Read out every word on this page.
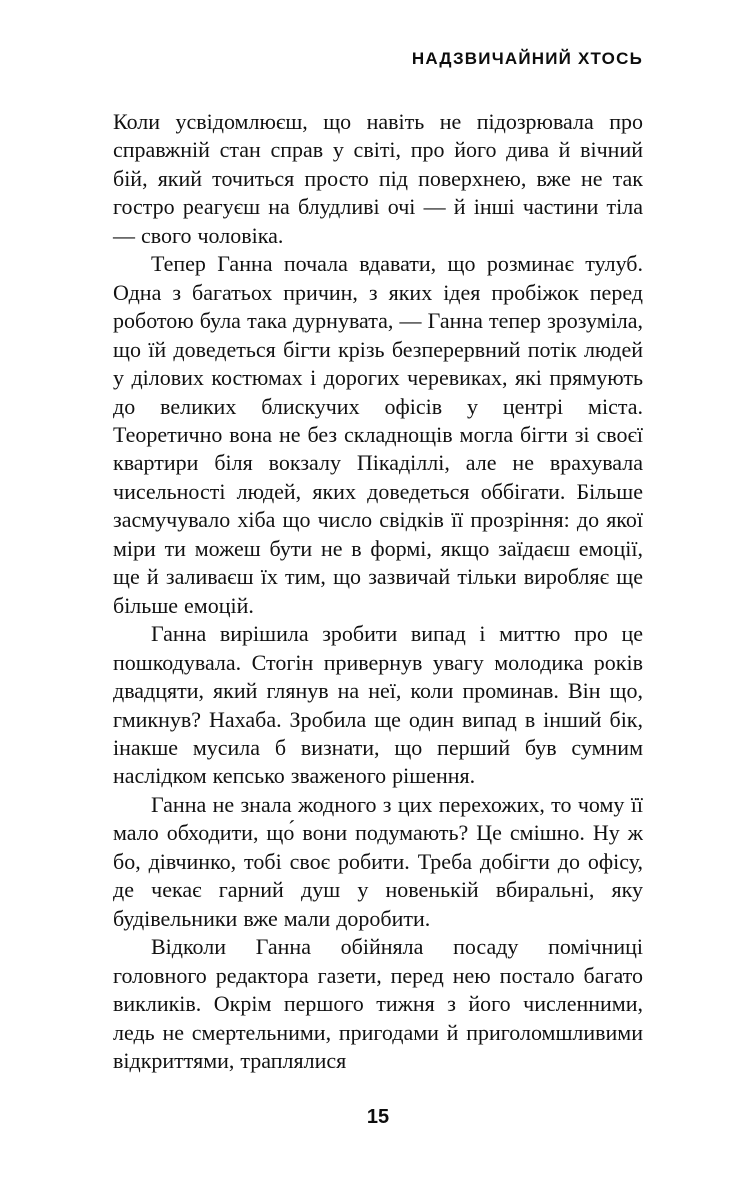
НАДЗВИЧАЙНИЙ ХТОСЬ

Коли усвідомлюєш, що навіть не підозрювала про справжній стан справ у світі, про його дива й вічний бій, який точиться просто під поверхнею, вже не так гостро реагуєш на блудливі очі — й інші частини тіла — свого чоловіка.

Тепер Ганна почала вдавати, що розминає тулуб. Одна з багатьох причин, з яких ідея пробіжок перед роботою була така дурнувата, — Ганна тепер зрозуміла, що їй доведеться бігти крізь безперервний потік людей у ділових костюмах і дорогих черевиках, які прямують до великих блискучих офісів у центрі міста. Теоретично вона не без складнощів могла бігти зі своєї квартири біля вокзалу Пікаділлі, але не врахувала чисельності людей, яких доведеться оббігати. Більше засмучувало хіба що число свідків її прозріння: до якої міри ти можеш бути не в формі, якщо заїдаєш емоції, ще й заливаєш їх тим, що зазвичай тільки виробляє ще більше емоцій.

Ганна вирішила зробити випад і миттю про це пошкодувала. Стогін привернув увагу молодика років двадцяти, який глянув на неї, коли проминав. Він що, гмикнув? Нахаба. Зробила ще один випад в інший бік, інакше мусила б визнати, що перший був сумним наслідком кепсько зваженого рішення.

Ганна не знала жодного з цих перехожих, то чому її мало обходити, що́ вони подумають? Це смішно. Ну ж бо, дівчинко, тобі своє робити. Треба добігти до офісу, де чекає гарний душ у новенькій вбиральні, яку будівельники вже мали доробити.

Відколи Ганна обійняла посаду помічниці головного редактора газети, перед нею постало багато викликів. Окрім першого тижня з його численними, ледь не смертельними, пригодами й приголомшливими відкриттями, траплялися

15
